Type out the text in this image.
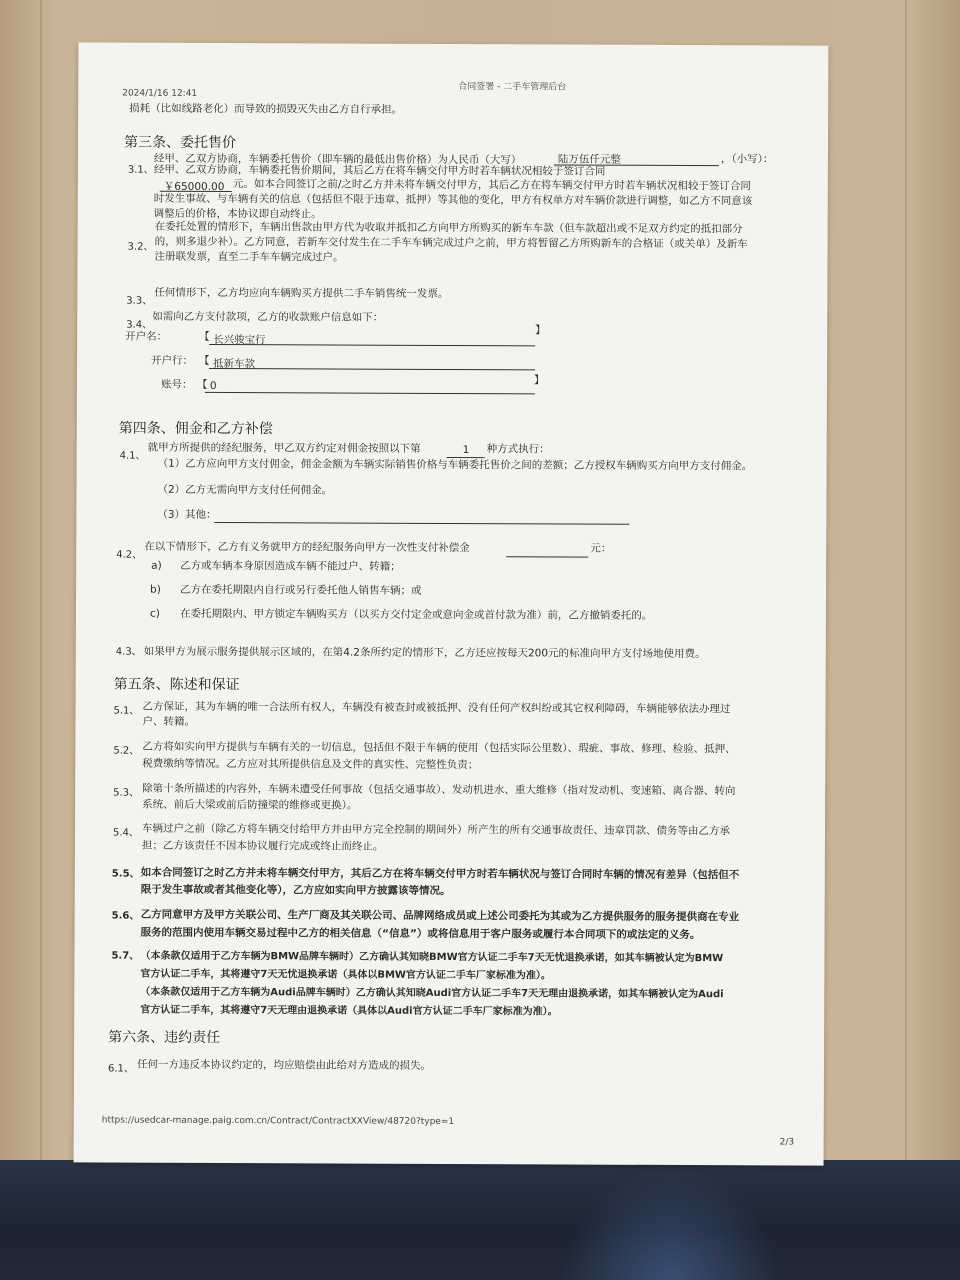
2024/1/16 12:41
合同签署 - 二手车管理后台
损耗（比如线路老化）而导致的损毁灭失由乙方自行承担。
第三条、委托售价
3.1、
经甲、乙双方协商，车辆委托售价（即车辆的最低出售价格）为人民币（大写）	陆万伍仟元整	，（小写）：
经甲、乙双方协商，车辆委托售价期间，其后乙方在将车辆交付甲方时若车辆状况相较于签订合同
￥65000.00 元。如本合同签订之前/之时乙方并未将车辆交付甲方，其后乙方在将车辆交付甲方时若车辆状况相较于签订合同
时发生事故、与车辆有关的信息（包括但不限于违章、抵押）等其他的变化，甲方有权单方对车辆价款进行调整，如乙方不同意该
调整后的价格，本协议即自动终止。
3.2、
在委托处置的情形下，车辆出售款由甲方代为收取并抵扣乙方向甲方所购买的新车车款（但车款超出或不足双方约定的抵扣部分
的，则多退少补）。乙方同意，若新车交付发生在二手车车辆完成过户之前，甲方将暂留乙方所购新车的合格证（或关单）及新车
注册联发票，直至二手车车辆完成过户。
3.3、
任何情形下，乙方均应向车辆购买方提供二手车销售统一发票。
3.4、
如需向乙方支付款项，乙方的收款账户信息如下：
开户名：	【 长兴骏宝行
】
开户行： 【 抵新车款
账号： 【 0	】
第四条、佣金和乙方补偿
4.1、
就甲方所提供的经纪服务，甲乙双方约定对佣金按照以下第	1 种方式执行：
（1）乙方应向甲方支付佣金，佣金金额为车辆实际销售价格与车辆委托售价之间的差额；乙方授权车辆购买方向甲方支付佣金。
（2）乙方无需向甲方支付任何佣金。
（3）其他：
4.2、
在以下情形下，乙方有义务就甲方的经纪服务向甲方一次性支付补偿金	元：
a) 乙方或车辆本身原因造成车辆不能过户、转籍；
b) 乙方在委托期限内自行或另行委托他人销售车辆；或
c) 在委托期限内、甲方锁定车辆购买方（以买方交付定金或意向金或首付款为准）前，乙方撤销委托的。
4.3、 如果甲方为展示服务提供展示区域的，在第4.2条所约定的情形下，乙方还应按每天200元的标准向甲方支付场地使用费。
第五条、陈述和保证
5.1、 乙方保证，其为车辆的唯一合法所有权人，车辆没有被查封或被抵押、没有任何产权纠纷或其它权利障碍，车辆能够依法办理过
户、转籍。
5.2、 乙方将如实向甲方提供与车辆有关的一切信息，包括但不限于车辆的使用（包括实际公里数）、瑕疵、事故、修理、检验、抵押、
税费缴纳等情况。乙方应对其所提供信息及文件的真实性、完整性负责；
5.3、 除第十条所描述的内容外，车辆未遭受任何事故（包括交通事故）、发动机进水、重大维修（指对发动机、变速箱、离合器、转向
系统、前后大梁或前后防撞梁的维修或更换）。
5.4、 车辆过户之前（除乙方将车辆交付给甲方并由甲方完全控制的期间外）所产生的所有交通事故责任、违章罚款、债务等由乙方承
担；乙方该责任不因本协议履行完成或终止而终止。
5.5、 如本合同签订之时乙方并未将车辆交付甲方，其后乙方在将车辆交付甲方时若车辆状况与签订合同时车辆的情况有差异（包括但不
限于发生事故或者其他变化等），乙方应如实向甲方披露该等情况。
5.6、 乙方同意甲方及甲方关联公司、生产厂商及其关联公司、品牌网络成员或上述公司委托为其或为乙方提供服务的服务提供商在专业
服务的范围内使用车辆交易过程中乙方的相关信息（“信息”）或将信息用于客户服务或履行本合同项下的或法定的义务。
5.7、 （本条款仅适用于乙方车辆为BMW品牌车辆时）乙方确认其知晓BMW官方认证二手车7天无忧退换承诺，如其车辆被认定为BMW
官方认证二手车，其将遵守7天无忧退换承诺（具体以BMW官方认证二手车厂家标准为准）。
（本条款仅适用于乙方车辆为Audi品牌车辆时）乙方确认其知晓Audi官方认证二手车7天无理由退换承诺，如其车辆被认定为Audi
官方认证二手车，其将遵守7天无理由退换承诺（具体以Audi官方认证二手车厂家标准为准）。
第六条、违约责任
6.1、 任何一方违反本协议约定的，均应赔偿由此给对方造成的损失。
https://usedcar-manage.paig.com.cn/Contract/ContractXXView/48720?type=1
2/3
